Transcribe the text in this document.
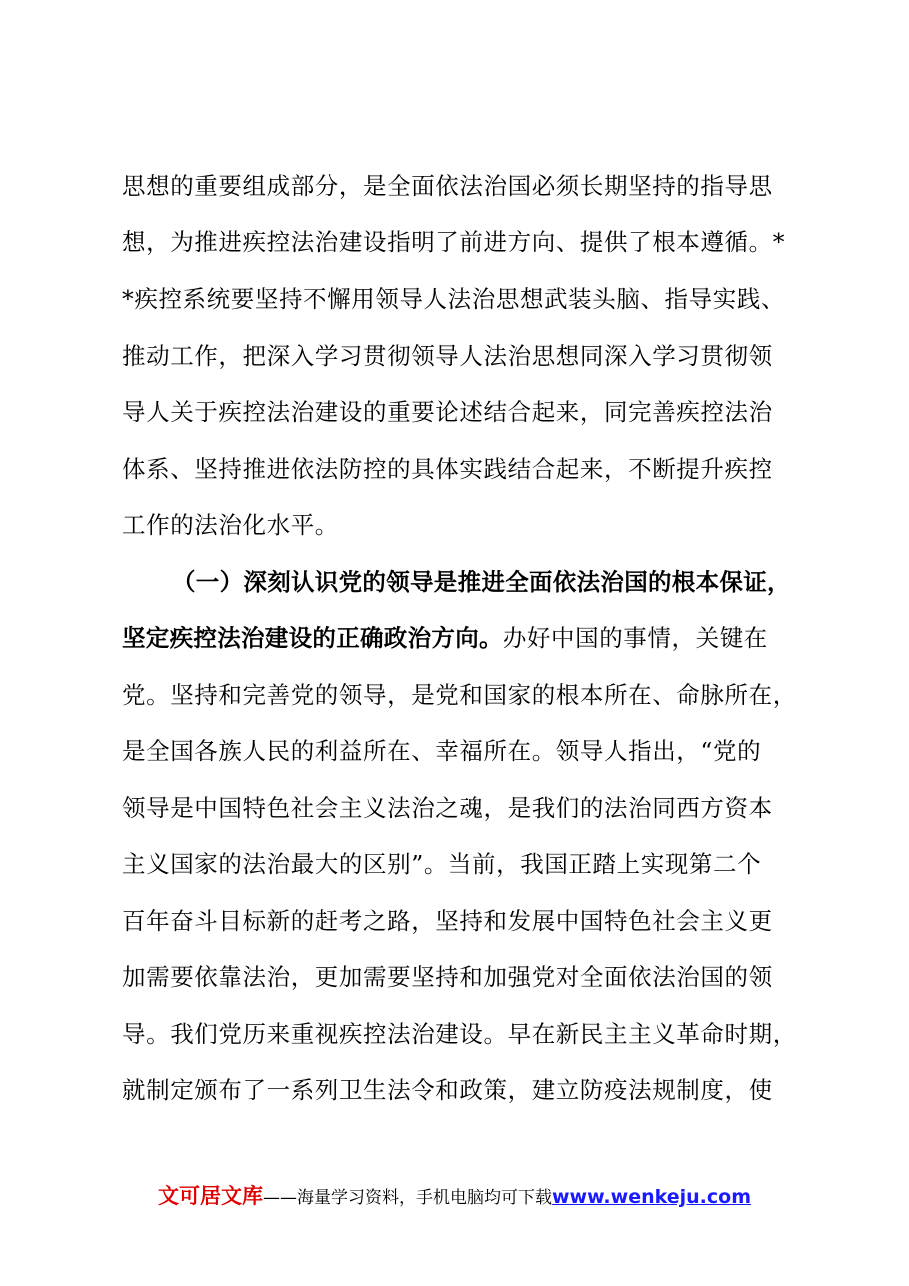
思想的重要组成部分，是全面依法治国必须长期坚持的指导思
想，为推进疾控法治建设指明了前进方向、提供了根本遵循。*
*疾控系统要坚持不懈用领导人法治思想武装头脑、指导实践、
推动工作，把深入学习贯彻领导人法治思想同深入学习贯彻领
导人关于疾控法治建设的重要论述结合起来，同完善疾控法治
体系、坚持推进依法防控的具体实践结合起来，不断提升疾控
工作的法治化水平。
（一）深刻认识党的领导是推进全面依法治国的根本保证，
坚定疾控法治建设的正确政治方向。办好中国的事情，关键在
党。坚持和完善党的领导，是党和国家的根本所在、命脉所在，
是全国各族人民的利益所在、幸福所在。领导人指出，“党的
领导是中国特色社会主义法治之魂，是我们的法治同西方资本
主义国家的法治最大的区别”。当前，我国正踏上实现第二个
百年奋斗目标新的赶考之路，坚持和发展中国特色社会主义更
加需要依靠法治，更加需要坚持和加强党对全面依法治国的领
导。我们党历来重视疾控法治建设。早在新民主主义革命时期，
就制定颁布了一系列卫生法令和政策，建立防疫法规制度，使
文可居文库——海量学习资料，手机电脑均可下载www.wenkeju.com
